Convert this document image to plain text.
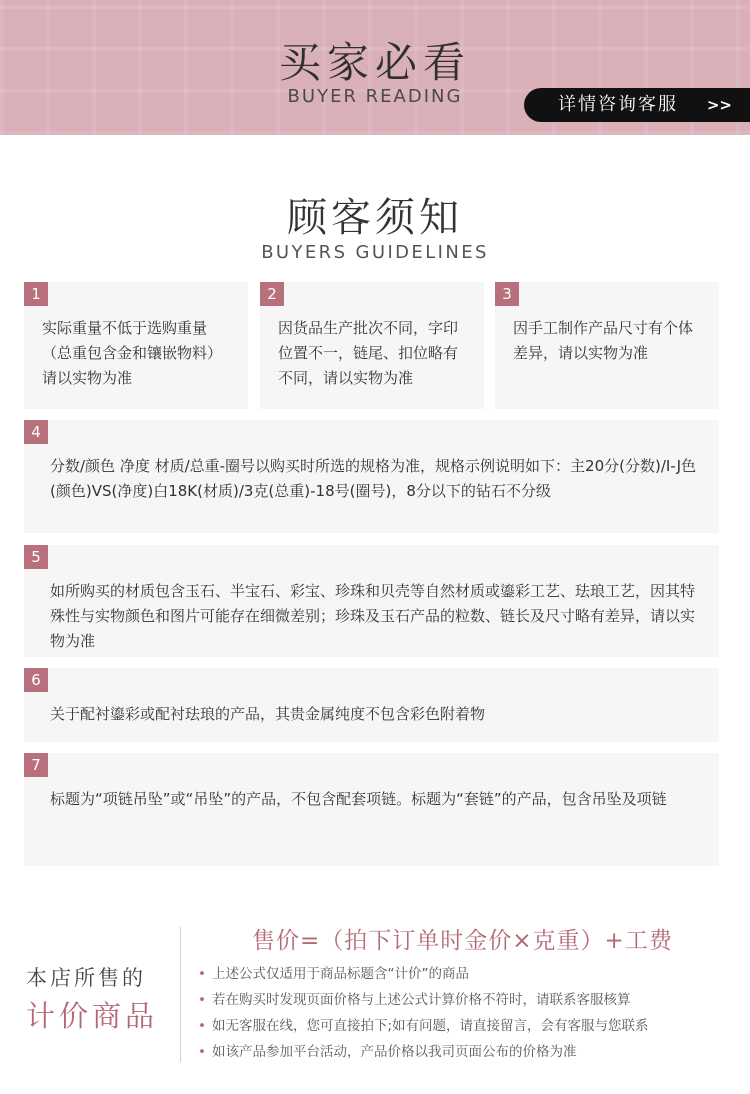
买家必看
BUYER READING	详情咨询客服 >>
顾客须知
BUYERS GUIDELINES
1
实际重量不低于选购重量（总重包含金和镶嵌物料）请以实物为准
2
因货品生产批次不同，字印位置不一，链尾、扣位略有不同，请以实物为准
3
因手工制作产品尺寸有个体差异，请以实物为准
4
分数/颜色 净度 材质/总重-圈号以购买时所选的规格为准，规格示例说明如下：主20分(分数)/I-J色(颜色)VS(净度)白18K(材质)/3克(总重)-18号(圈号)，8分以下的钻石不分级
5
如所购买的材质包含玉石、半宝石、彩宝、珍珠和贝壳等自然材质或鎏彩工艺、珐琅工艺，因其特殊性与实物颜色和图片可能存在细微差别；珍珠及玉石产品的粒数、链长及尺寸略有差异，请以实物为准
6
关于配衬鎏彩或配衬珐琅的产品，其贵金属纯度不包含彩色附着物
7
标题为“项链吊坠”或“吊坠”的产品，不包含配套项链。标题为“套链”的产品，包含吊坠及项链
本店所售的
计价商品
售价=（拍下订单时金价×克重）+工费
• 上述公式仅适用于商品标题含“计价”的商品
• 若在购买时发现页面价格与上述公式计算价格不符时，请联系客服核算
• 如无客服在线，您可直接拍下;如有问题，请直接留言，会有客服与您联系
• 如该产品参加平台活动，产品价格以我司页面公布的价格为准
